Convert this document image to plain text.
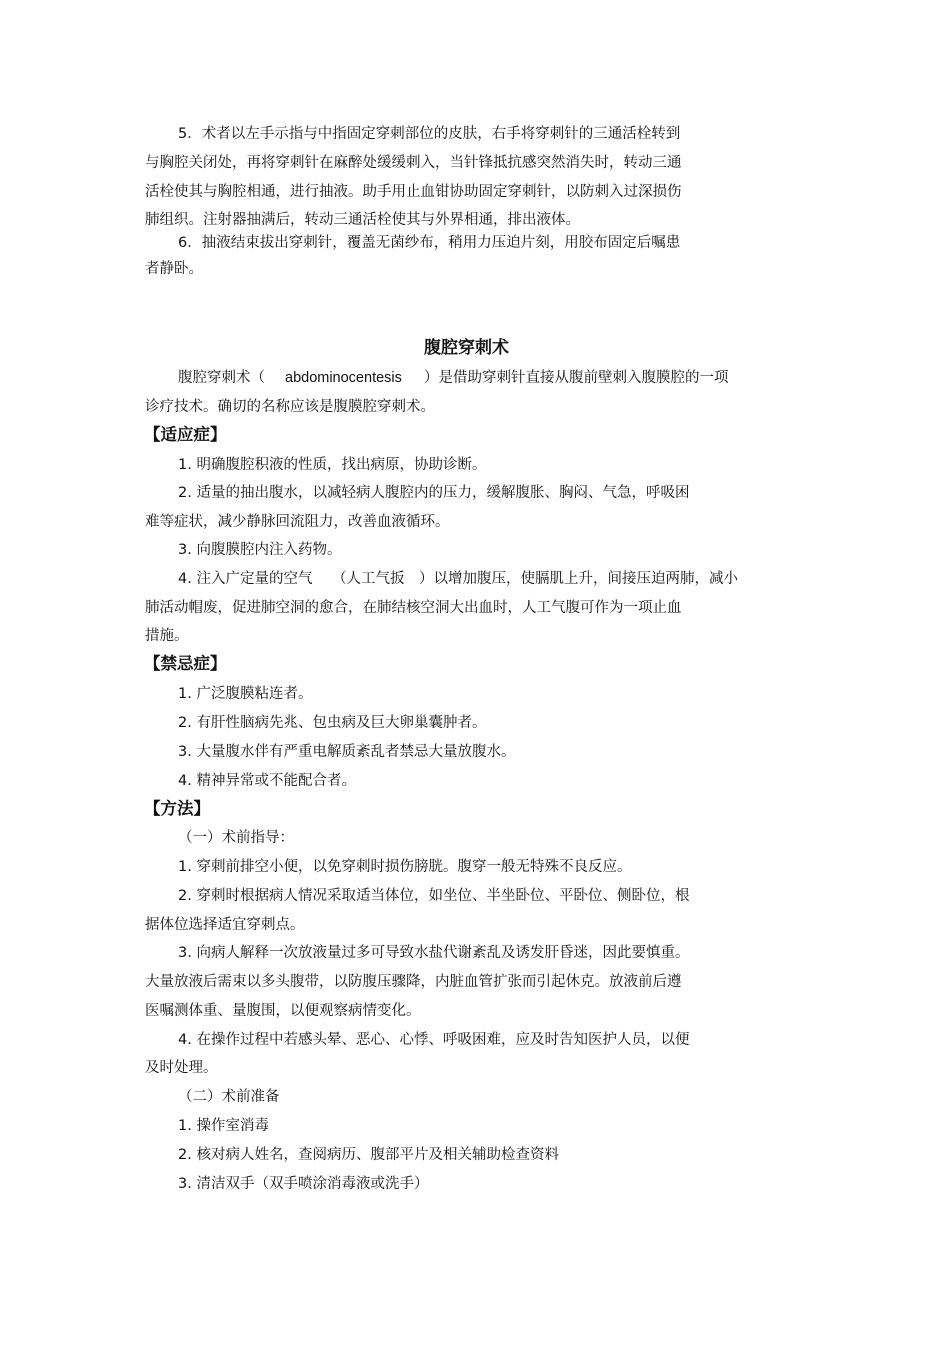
5．术者以左手示指与中指固定穿刺部位的皮肤，右手将穿刺针的三通活栓转到

与胸腔关闭处，再将穿刺针在麻醉处缓缓刺入，当针锋抵抗感突然消失时，转动三通

活栓使其与胸腔相通，进行抽液。助手用止血钳协助固定穿刺针，以防刺入过深损伤

肺组织。注射器抽满后，转动三通活栓使其与外界相通，排出液体。

6．抽液结束拔出穿刺针，覆盖无菌纱布，稍用力压迫片刻，用胶布固定后嘱患

者静卧。

腹腔穿刺术
腹腔穿刺术（ abdominocentesis ）是借助穿刺针直接从腹前壁刺入腹膜腔的一项

诊疗技术。确切的名称应该是腹膜腔穿刺术。

【适应症】

1. 明确腹腔积液的性质，找出病原，协助诊断。

2. 适量的抽出腹水，以减轻病人腹腔内的压力，缓解腹胀、胸闷、气急，呼吸困

难等症状，减少静脉回流阻力，改善血液循环。

3. 向腹膜腔内注入药物。

4. 注入广定量的空气 （人工气扳 ）以增加腹压，使膈肌上升，间接压迫两肺，减小

肺活动帽废，促进肺空洞的愈合，在肺结核空洞大出血时，人工气腹可作为一项止血

措施。

【禁忌症】

1. 广泛腹膜粘连者。

2. 有肝性脑病先兆、包虫病及巨大卵巢囊肿者。

3. 大量腹水伴有严重电解质紊乱者禁忌大量放腹水。

4. 精神异常或不能配合者。

【方法】

（一）术前指导：

1. 穿刺前排空小便，以免穿刺时损伤膀胱。腹穿一般无特殊不良反应。

2. 穿刺时根据病人情况采取适当体位，如坐位、半坐卧位、平卧位、侧卧位，根

据体位选择适宜穿刺点。

3. 向病人解释一次放液量过多可导致水盐代谢紊乱及诱发肝昏迷，因此要慎重。

大量放液后需束以多头腹带，以防腹压骤降，内脏血管扩张而引起休克。放液前后遵

医嘱测体重、量腹围，以便观察病情变化。

4. 在操作过程中若感头晕、恶心、心悸、呼吸困难，应及时告知医护人员，以便

及时处理。

（二）术前准备

1. 操作室消毒

2. 核对病人姓名，查阅病历、腹部平片及相关辅助检查资料

3. 清洁双手（双手喷涂消毒液或洗手）
